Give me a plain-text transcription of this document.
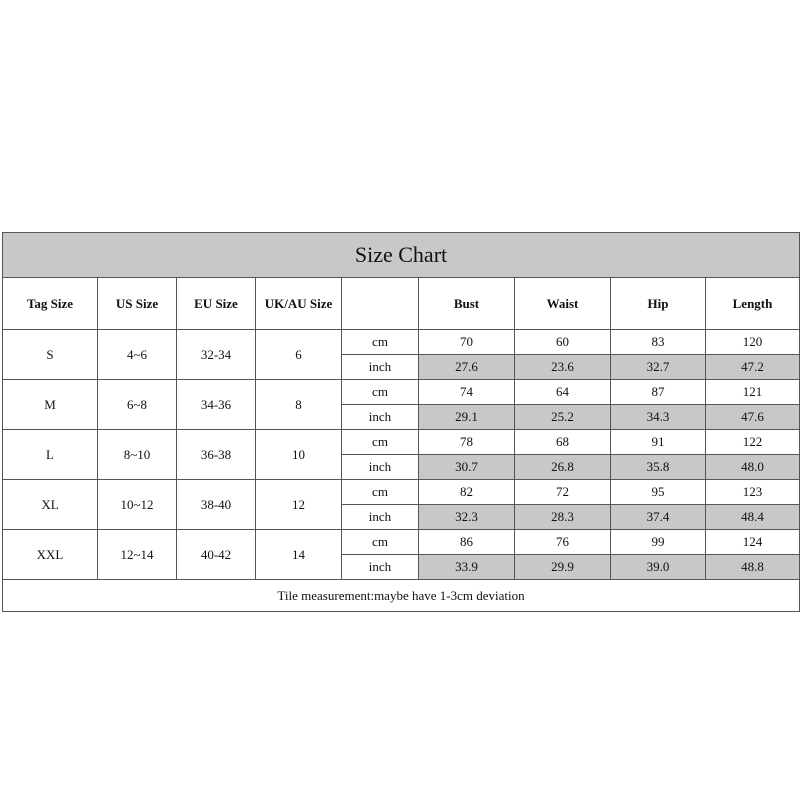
Size Chart								
Tag Size	US Size	EU Size	UK/AU Size		Bust	Waist	Hip	Length
S	4~6	32-34	6	cm	70	60	83	120
				inch	27.6	23.6	32.7	47.2
M	6~8	34-36	8	cm	74	64	87	121
				inch	29.1	25.2	34.3	47.6
L	8~10	36-38	10	cm	78	68	91	122
				inch	30.7	26.8	35.8	48.0
XL	10~12	38-40	12	cm	82	72	95	123
				inch	32.3	28.3	37.4	48.4
XXL	12~14	40-42	14	cm	86	76	99	124
				inch	33.9	29.9	39.0	48.8
Tile measurement:maybe have 1-3cm deviation								
